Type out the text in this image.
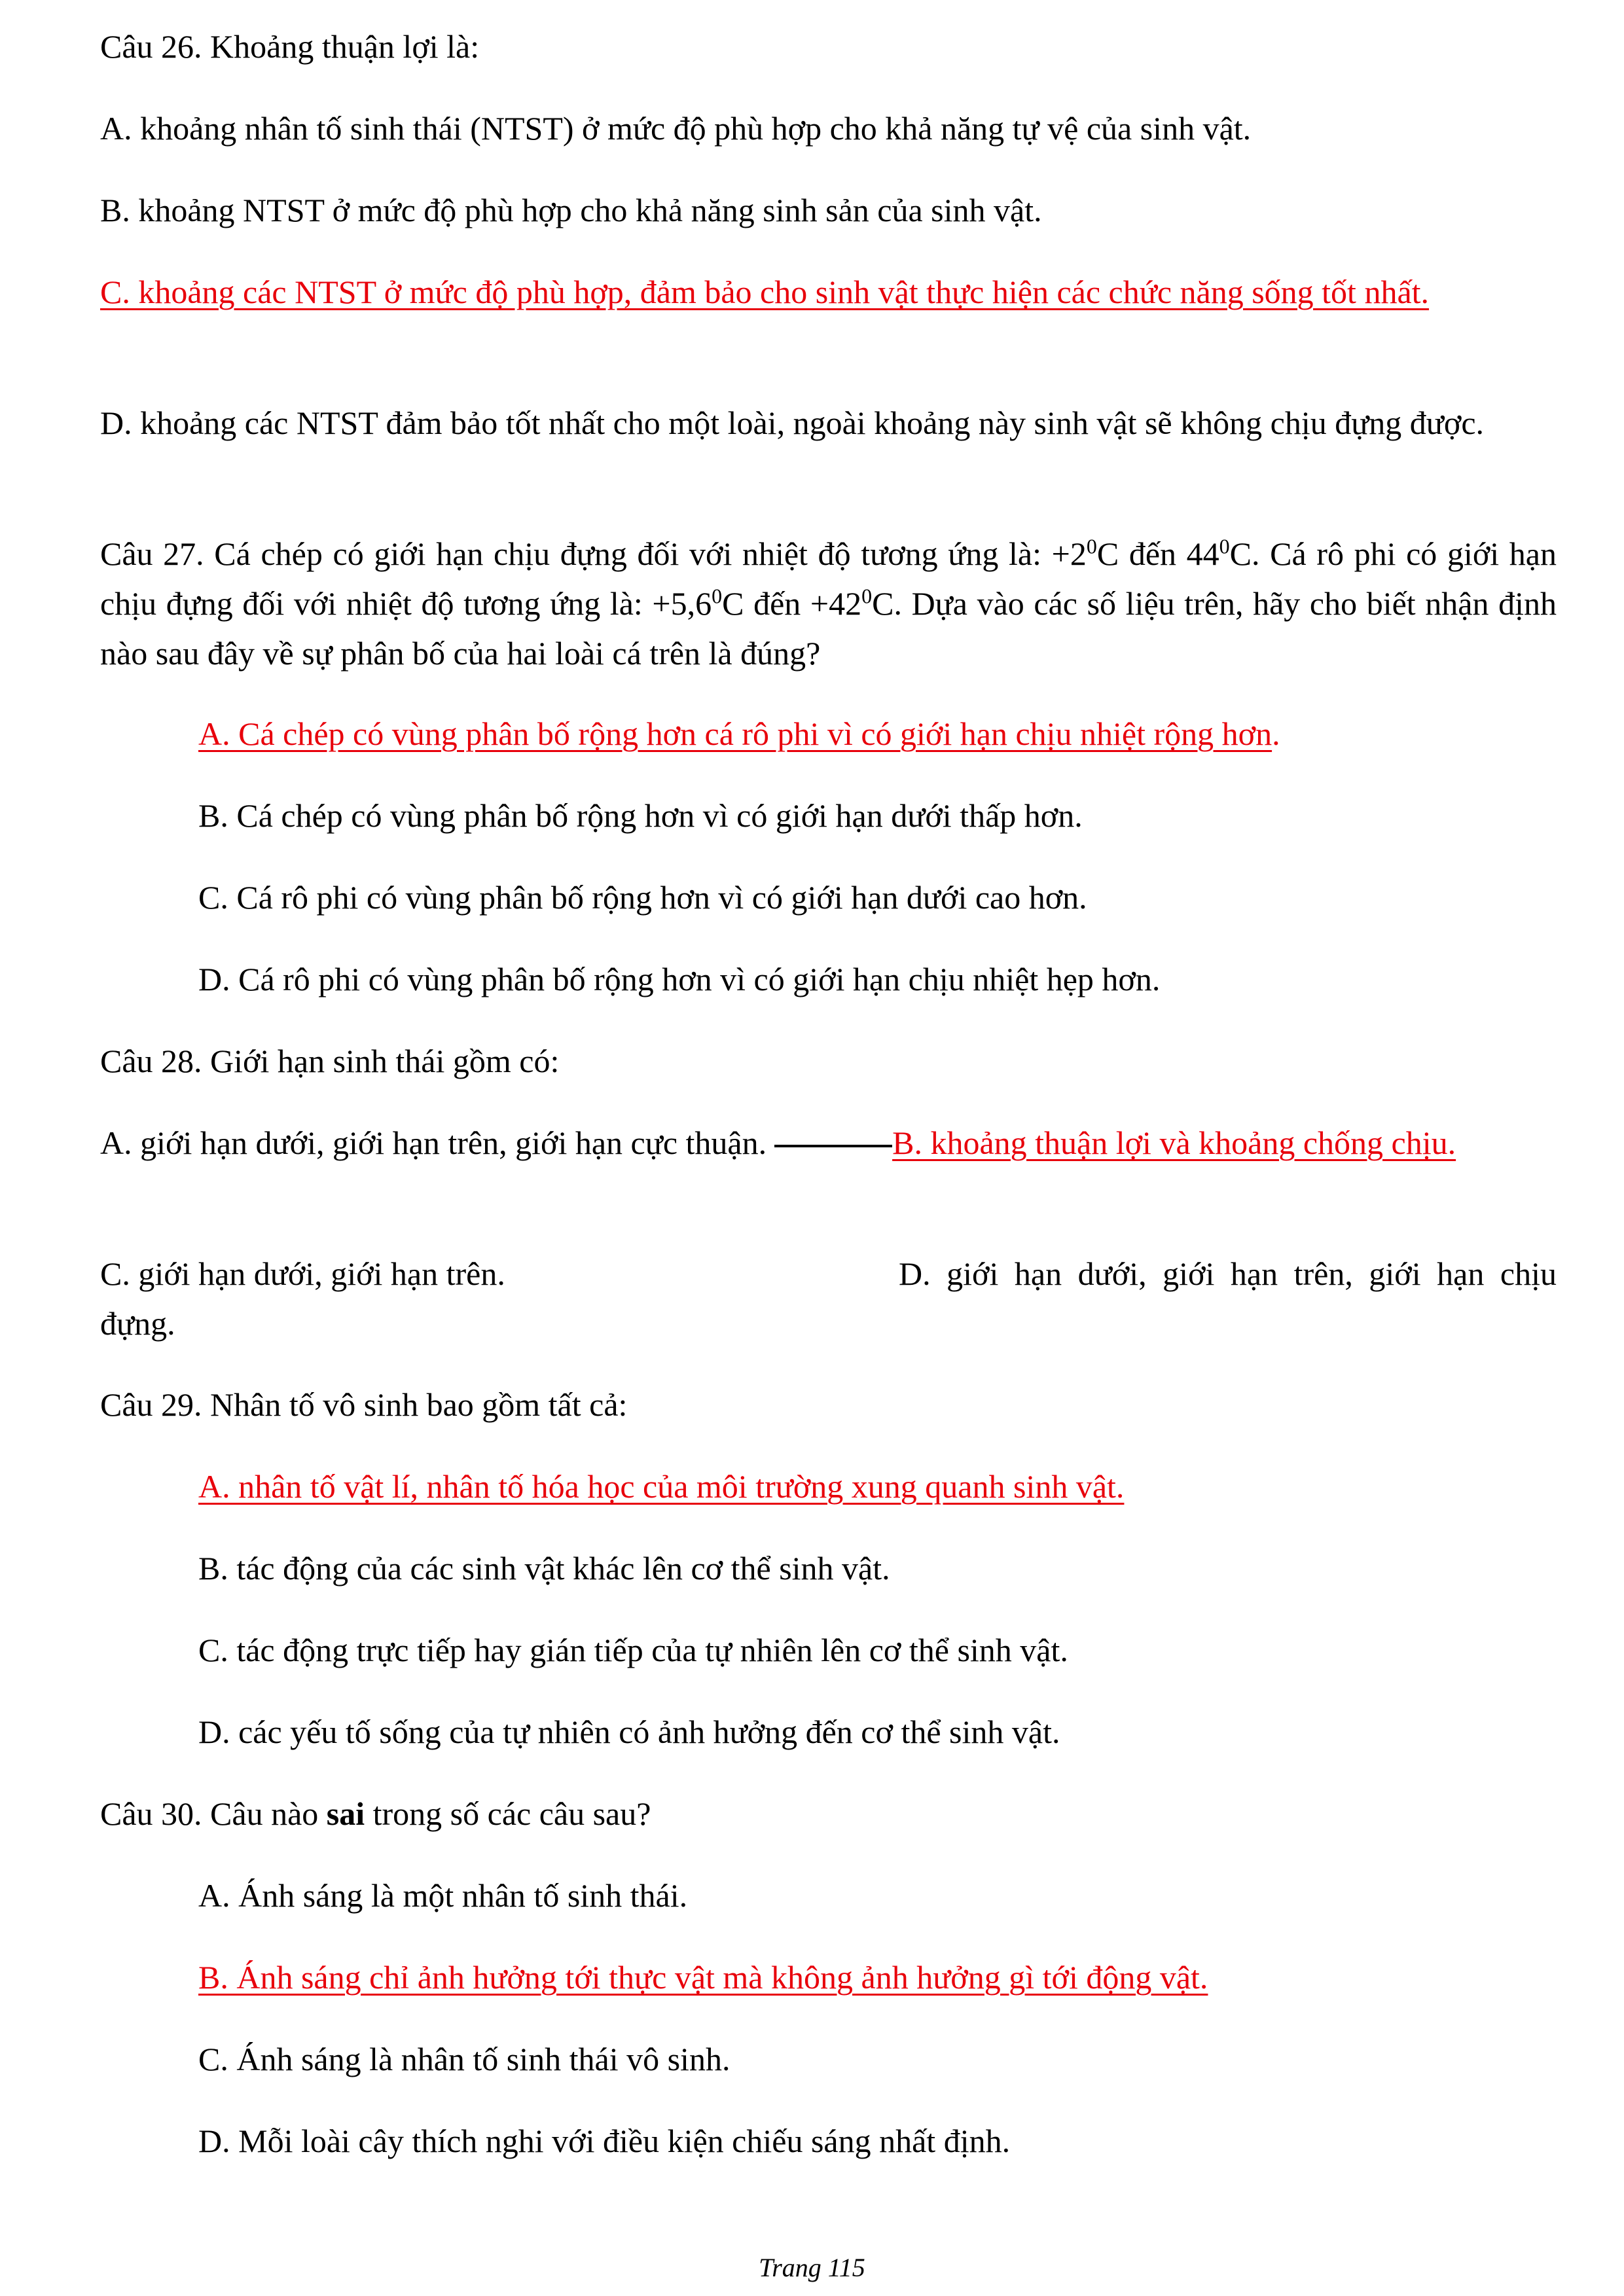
Câu 26. Khoảng thuận lợi là:

A. khoảng nhân tố sinh thái (NTST) ở mức độ phù hợp cho khả năng tự vệ của sinh vật.

B. khoảng NTST ở mức độ phù hợp cho khả năng sinh sản của sinh vật.

C. khoảng các NTST ở mức độ phù hợp, đảm bảo cho sinh vật thực hiện các chức năng sống tốt nhất.

D. khoảng các NTST đảm bảo tốt nhất cho một loài, ngoài khoảng này sinh vật sẽ không chịu đựng được.

Câu 27. Cá chép có giới hạn chịu đựng đối với nhiệt độ tương ứng là: $+2^0C$ đến $44^0C$. Cá rô phi có giới hạn chịu đựng đối với nhiệt độ tương ứng là: $+5,6^0C$ đến $+42^0C$. Dựa vào các số liệu trên, hãy cho biết nhận định nào sau đây về sự phân bố của hai loài cá trên là đúng?

A. Cá chép có vùng phân bố rộng hơn cá rô phi vì có giới hạn chịu nhiệt rộng hơn.

B. Cá chép có vùng phân bố rộng hơn vì có giới hạn dưới thấp hơn.

C. Cá rô phi có vùng phân bố rộng hơn vì có giới hạn dưới cao hơn.

D. Cá rô phi có vùng phân bố rộng hơn vì có giới hạn chịu nhiệt hẹp hơn.

Câu 28. Giới hạn sinh thái gồm có:

A. giới hạn dưới, giới hạn trên, giới hạn cực thuận.	B. khoảng thuận lợi và khoảng chống chịu.

C. giới hạn dưới, giới hạn trên.	D. giới hạn dưới, giới hạn trên, giới hạn chịu đựng.

Câu 29. Nhân tố vô sinh bao gồm tất cả:

A. nhân tố vật lí, nhân tố hóa học của môi trường xung quanh sinh vật.

B. tác động của các sinh vật khác lên cơ thể sinh vật.

C. tác động trực tiếp hay gián tiếp của tự nhiên lên cơ thể sinh vật.

D. các yếu tố sống của tự nhiên có ảnh hưởng đến cơ thể sinh vật.

Câu 30. Câu nào sai trong số các câu sau?

A. Ánh sáng là một nhân tố sinh thái.

B. Ánh sáng chỉ ảnh hưởng tới thực vật mà không ảnh hưởng gì tới động vật.

C. Ánh sáng là nhân tố sinh thái vô sinh.

D. Mỗi loài cây thích nghi với điều kiện chiếu sáng nhất định.

Trang 115
